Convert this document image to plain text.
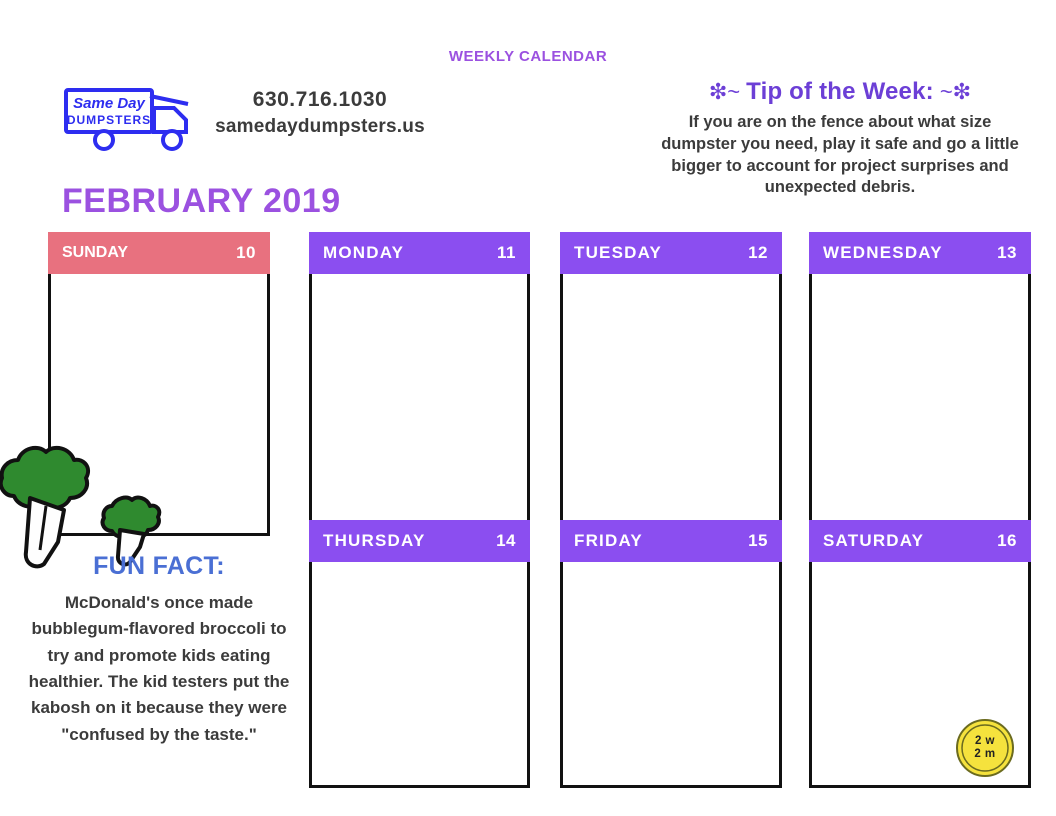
WEEKLY CALENDAR
Same Day
DUMPSTERS
630.716.1030
samedaydumpsters.us
❇~ Tip of the Week: ~❇
If you are on the fence about what size dumpster you need, play it safe and go a little bigger to account for project surprises and unexpected debris.
FEBRUARY 2019
SUNDAY	10	MONDAY	11	TUESDAY	12	WEDNESDAY	13
THURSDAY	14	FRIDAY	15	SATURDAY	16
FUN FACT:
McDonald's once made bubblegum-flavored broccoli to try and promote kids eating healthier. The kid testers put the kabosh on it because they were "confused by the taste."	2 w
2 m
